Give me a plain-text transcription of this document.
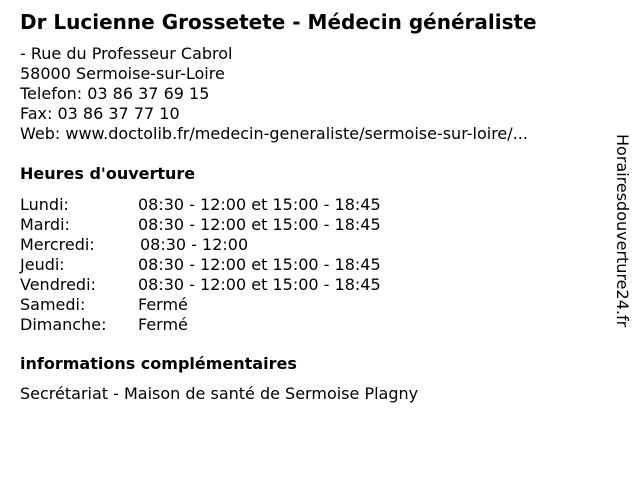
Dr Lucienne Grossetete - Médecin généraliste
- Rue du Professeur Cabrol
58000 Sermoise-sur-Loire
Telefon: 03 86 37 69 15
Fax: 03 86 37 77 10
Web: www.doctolib.fr/medecin-generaliste/sermoise-sur-loire/...
Heures d'ouverture
Lundi:	08:30 - 12:00 et 15:00 - 18:45
Mardi:	08:30 - 12:00 et 15:00 - 18:45
Mercredi:	08:30 - 12:00
Jeudi:	08:30 - 12:00 et 15:00 - 18:45
Vendredi:	08:30 - 12:00 et 15:00 - 18:45
Samedi:	Fermé
Dimanche: Fermé
informations complémentaires
Secrétariat - Maison de santé de Sermoise Plagny
Horairesdouverture24.fr
